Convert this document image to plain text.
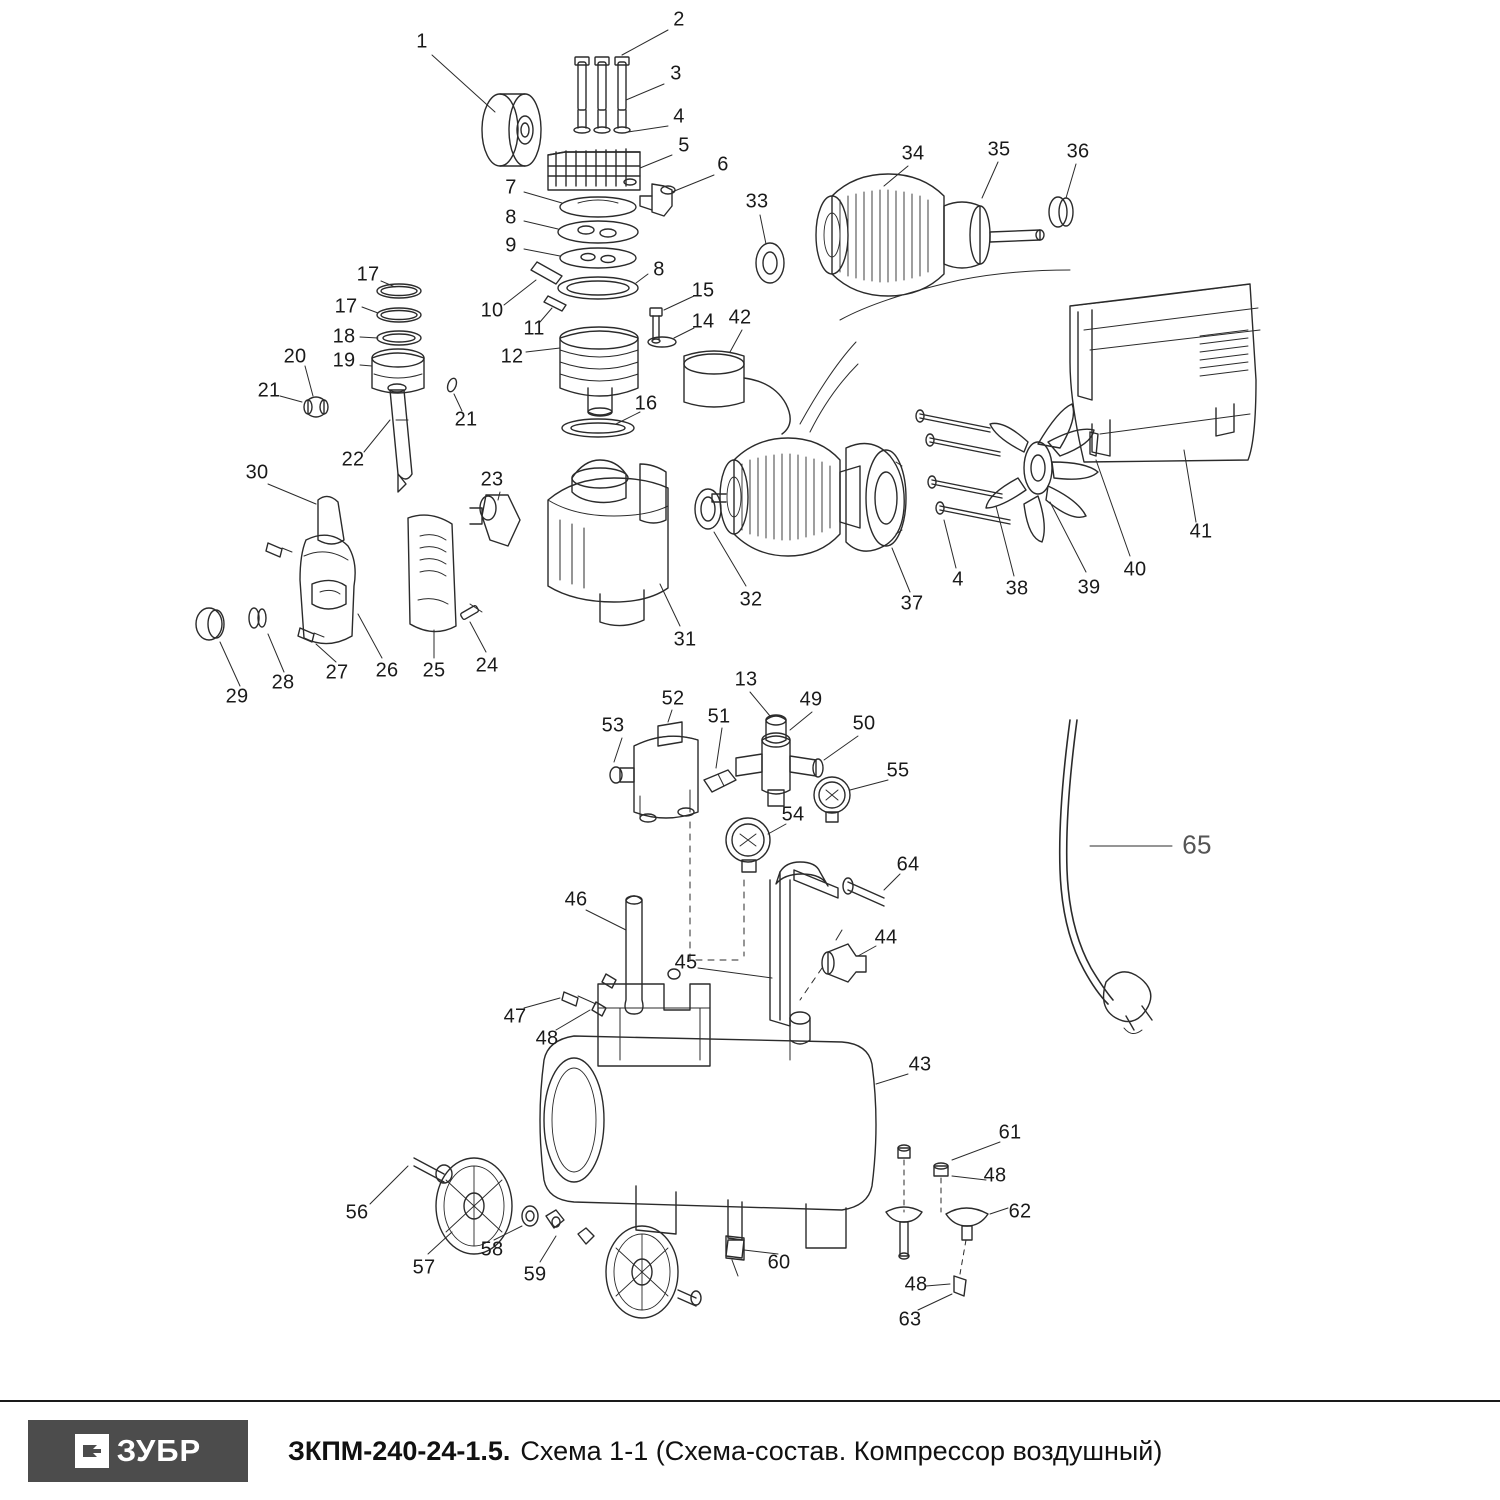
1
2
3
4
5
6
7
8
9
8
17
17	10
11
15
14 42
18
19
20
21
21
12
22
16
23
30
29
28 27 26 25 24
31
32
33
34	35	36
37
4 38 39
40
41
53
52
51
13
49
50
55
54
64
46
45
44
47
48
43
61
48
62
56
57
58
59
60
48
63
65
ЗУБР	ЗКПМ-240-24-1.5. Схема 1-1 (Схема-состав. Компрессор воздушный)
